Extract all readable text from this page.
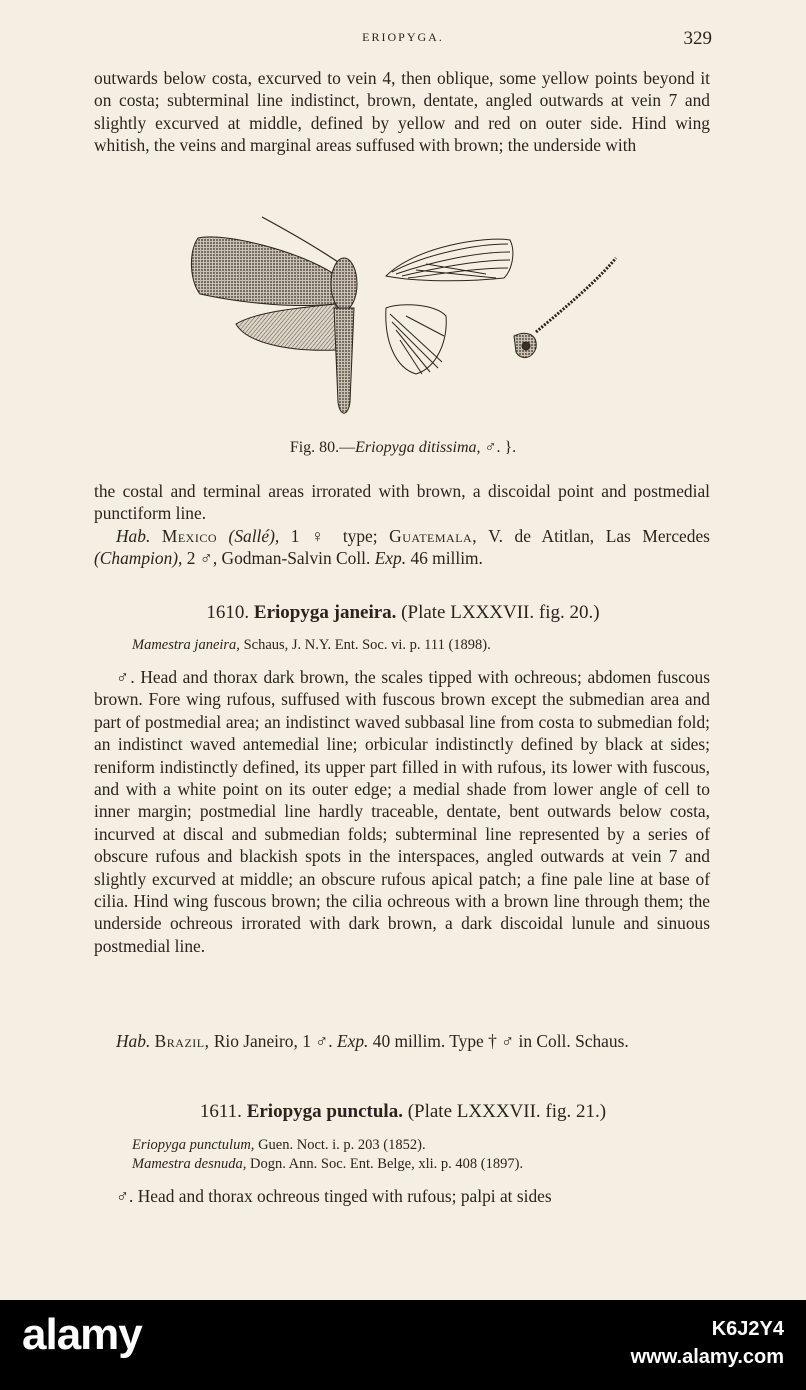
ERIOPYGA.	329

outwards below costa, excurved to vein 4, then oblique, some yellow points beyond it on costa; subterminal line indistinct, brown, dentate, angled outwards at vein 7 and slightly excurved at middle, defined by yellow and red on outer side. Hind wing whitish, the veins and marginal areas suffused with brown; the underside with

Fig. 80.—Eriopyga ditissima, ♂. }.

the costal and terminal areas irrorated with brown, a discoidal point and postmedial punctiform line.

Hab. Mexico (Sallé), 1 ♀ type; Guatemala, V. de Atitlan, Las Mercedes (Champion), 2 ♂, Godman-Salvin Coll. Exp. 46 millim.

1610. Eriopyga janeira. (Plate LXXXVII. fig. 20.)
Mamestra janeira, Schaus, J. N.Y. Ent. Soc. vi. p. 111 (1898).

♂. Head and thorax dark brown, the scales tipped with ochreous; abdomen fuscous brown. Fore wing rufous, suffused with fuscous brown except the submedian area and part of postmedial area; an indistinct waved subbasal line from costa to submedian fold; an indistinct waved antemedial line; orbicular indistinctly defined by black at sides; reniform indistinctly defined, its upper part filled in with rufous, its lower with fuscous, and with a white point on its outer edge; a medial shade from lower angle of cell to inner margin; postmedial line hardly traceable, dentate, bent outwards below costa, incurved at discal and submedian folds; subterminal line represented by a series of obscure rufous and blackish spots in the interspaces, angled outwards at vein 7 and slightly excurved at middle; an obscure rufous apical patch; a fine pale line at base of cilia. Hind wing fuscous brown; the cilia ochreous with a brown line through them; the underside ochreous irrorated with dark brown, a dark discoidal lunule and sinuous postmedial line.

Hab. Brazil, Rio Janeiro, 1 ♂. Exp. 40 millim. Type † ♂ in Coll. Schaus.

1611. Eriopyga punctula. (Plate LXXXVII. fig. 21.)
Eriopyga punctulum, Guen. Noct. i. p. 203 (1852).
Mamestra desnuda, Dogn. Ann. Soc. Ent. Belge, xli. p. 408 (1897).

♂. Head and thorax ochreous tinged with rufous; palpi at sides

alamy	K6J2Y4
www.alamy.com
